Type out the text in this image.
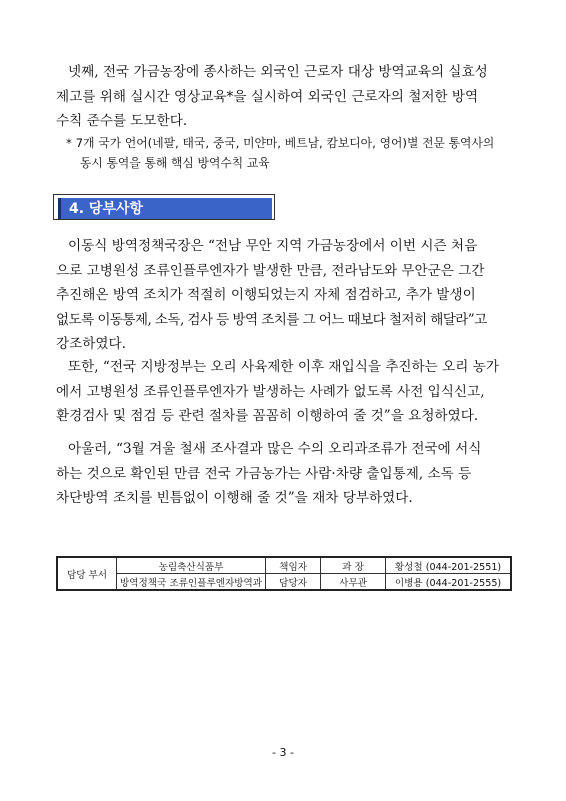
넷째, 전국 가금농장에 종사하는 외국인 근로자 대상 방역교육의 실효성
제고를 위해 실시간 영상교육*을 실시하여 외국인 근로자의 철저한 방역
수칙 준수를 도모한다.
* 7개 국가 언어(네팔, 태국, 중국, 미얀마, 베트남, 캄보디아, 영어)별 전문 통역사의
동시 통역을 통해 핵심 방역수칙 교육
4. 당부사항
이동식 방역정책국장은 “전남 무안 지역 가금농장에서 이번 시즌 처음
으로 고병원성 조류인플루엔자가 발생한 만큼, 전라남도와 무안군은 그간
추진해온 방역 조치가 적절히 이행되었는지 자체 점검하고, 추가 발생이
없도록 이동통제, 소독, 검사 등 방역 조치를 그 어느 때보다 철저히 해달라”고
강조하였다.
또한, “전국 지방정부는 오리 사육제한 이후 재입식을 추진하는 오리 농가
에서 고병원성 조류인플루엔자가 발생하는 사례가 없도록 사전 입식신고,
환경검사 및 점검 등 관련 절차를 꼼꼼히 이행하여 줄 것”을 요청하였다.
아울러, “3월 겨울 철새 조사결과 많은 수의 오리과조류가 전국에 서식
하는 것으로 확인된 만큼 전국 가금농가는 사람·차량 출입통제, 소독 등
차단방역 조치를 빈틈없이 이행해 줄 것”을 재차 당부하였다.
담당 부서	농림축산식품부	책임자	과 장	황성철 (044-201-2551)
	방역정책국 조류인플루엔자방역과	담당자	사무관	이병용 (044-201-2555)
- 3 -
